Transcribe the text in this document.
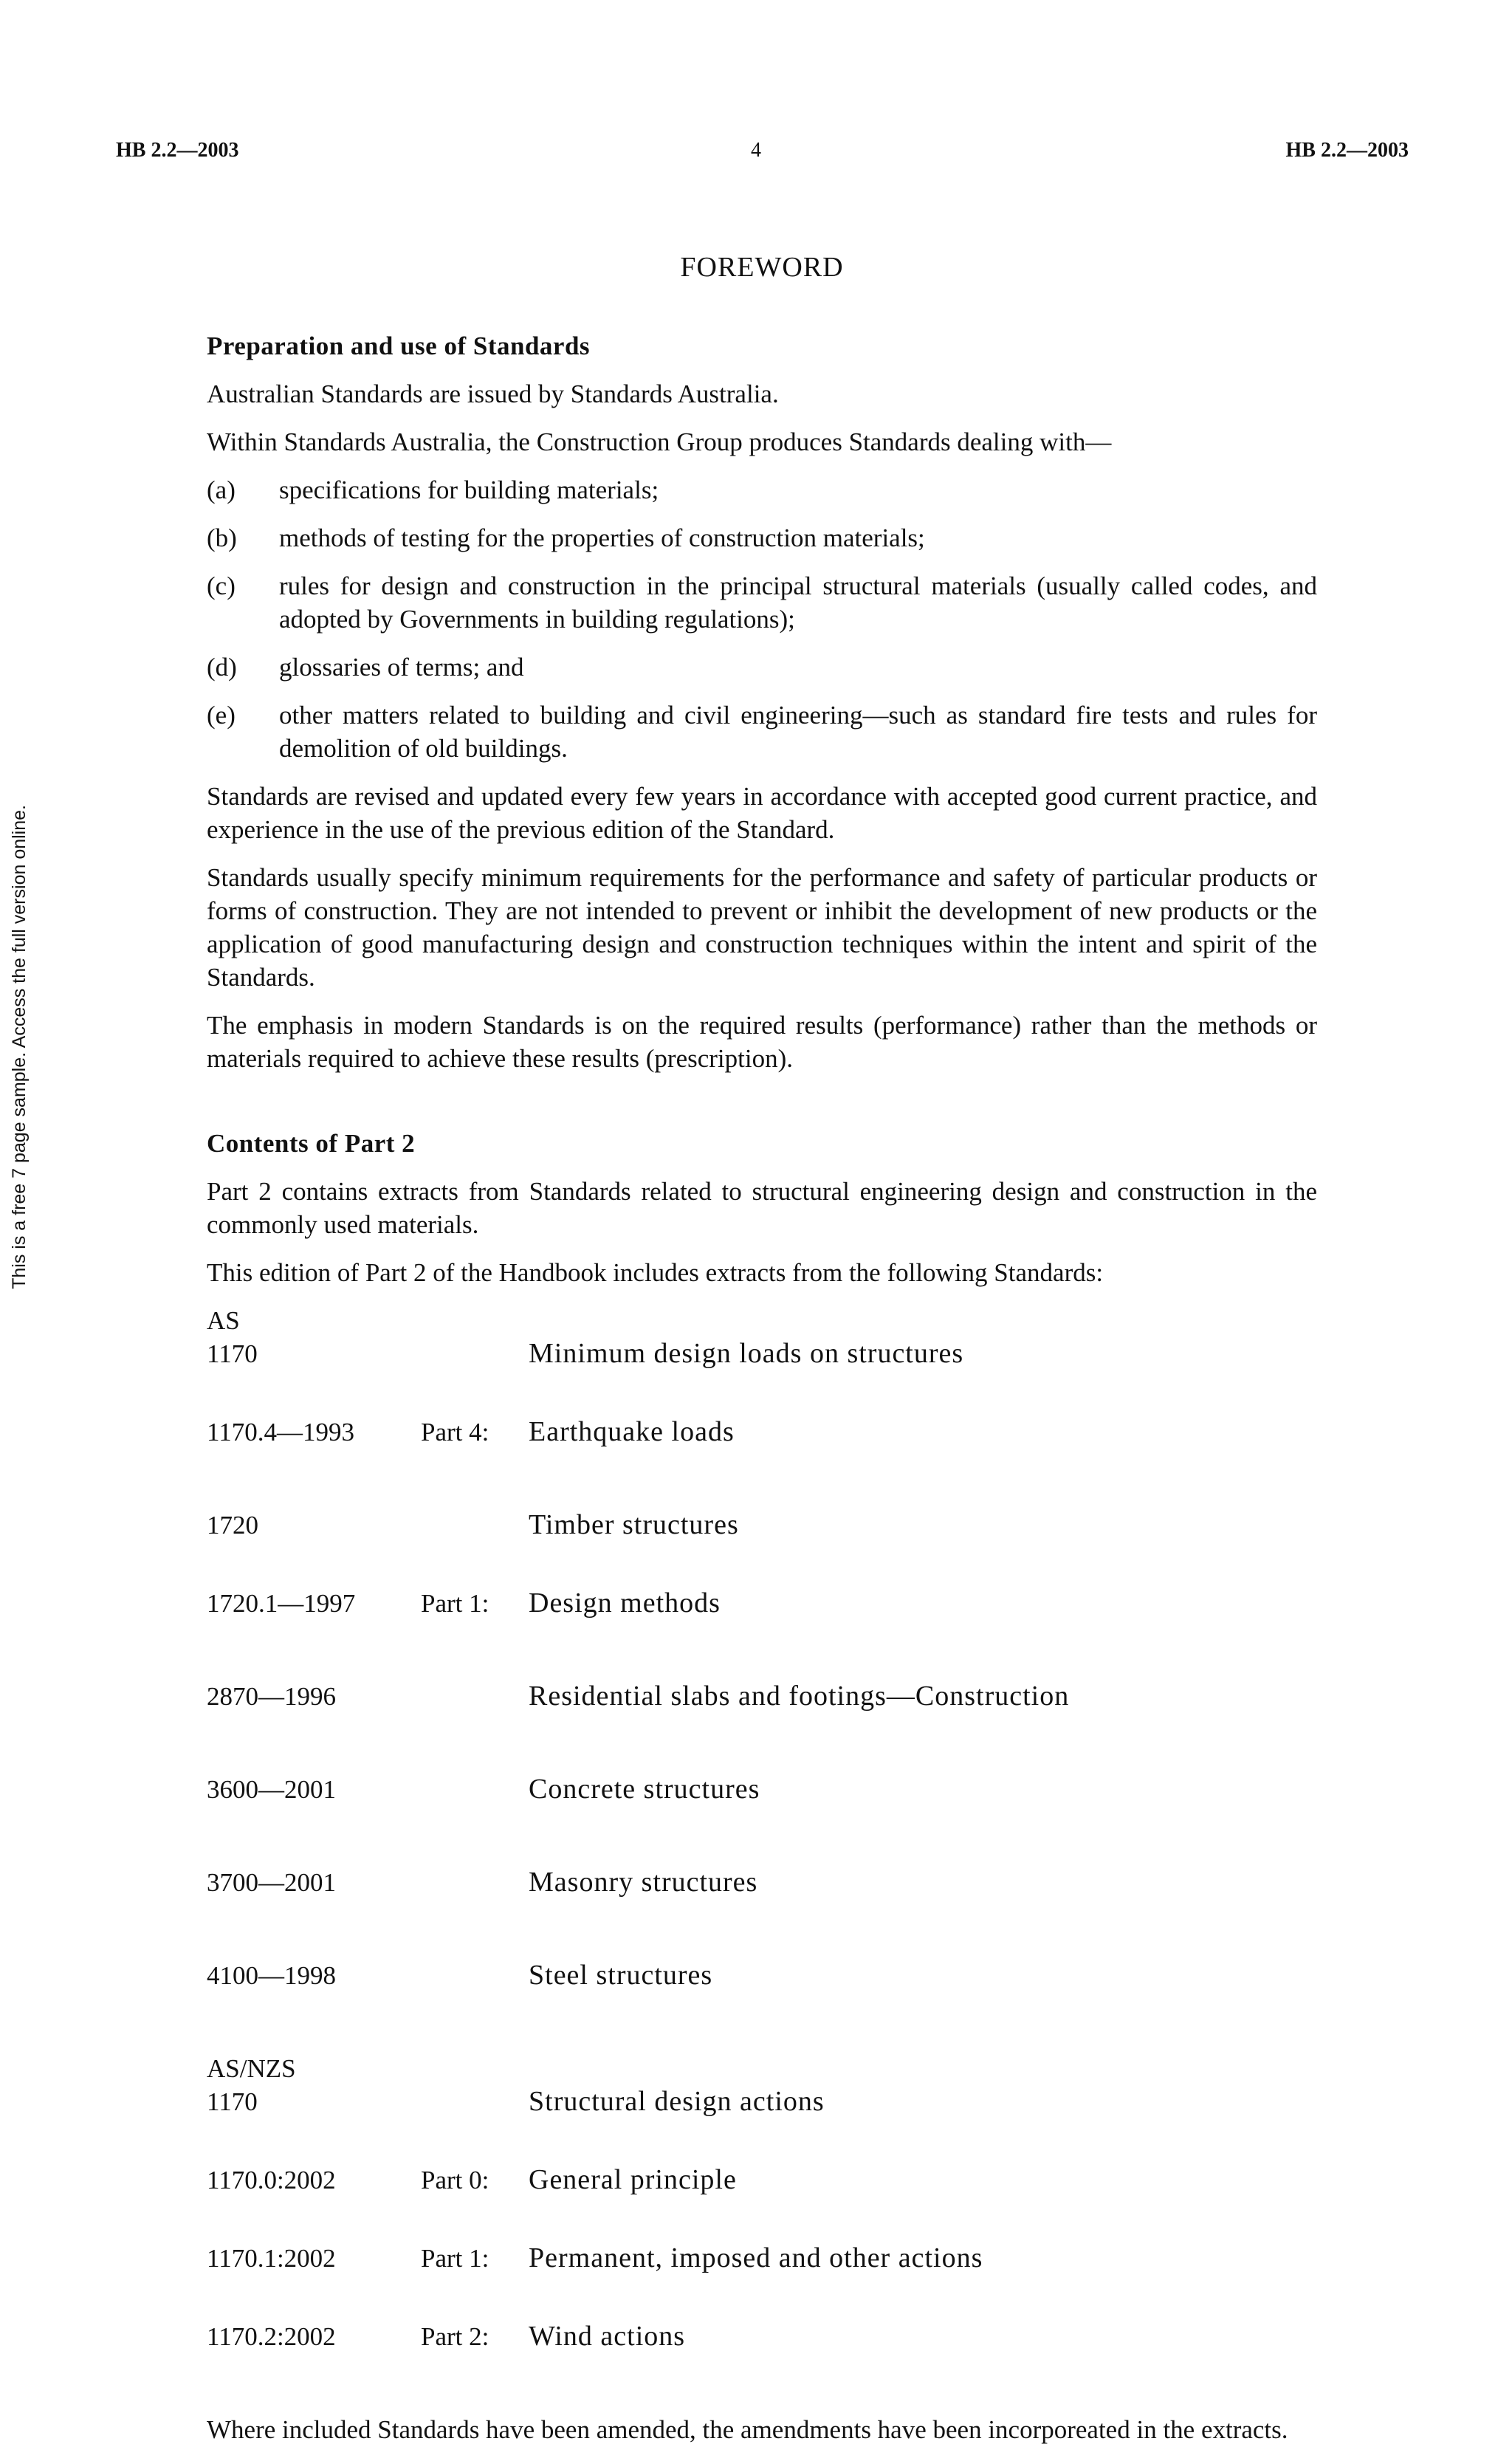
HB 2.2—2003	4	HB 2.2—2003
This is a free 7 page sample. Access the full version online.
FOREWORD
Preparation and use of Standards

Australian Standards are issued by Standards Australia.

Within Standards Australia, the Construction Group produces Standards dealing with—

(a)	specifications for building materials;
(b)	methods of testing for the properties of construction materials;
(c)	rules for design and construction in the principal structural materials (usually called codes, and adopted by Governments in building regulations);
(d)	glossaries of terms; and
(e)	other matters related to building and civil engineering—such as standard fire tests and rules for demolition of old buildings.

Standards are revised and updated every few years in accordance with accepted good current practice, and experience in the use of the previous edition of the Standard.

Standards usually specify minimum requirements for the performance and safety of particular products or forms of construction. They are not intended to prevent or inhibit the development of new products or the application of good manufacturing design and construction techniques within the intent and spirit of the Standards.

The emphasis in modern Standards is on the required results (performance) rather than the methods or materials required to achieve these results (prescription).

Contents of Part 2

Part 2 contains extracts from Standards related to structural engineering design and construction in the commonly used materials.

This edition of Part 2 of the Handbook includes extracts from the following Standards:

AS
1170	Minimum design loads on structures
1170.4—1993	Part 4:	Earthquake loads
1720	Timber structures
1720.1—1997	Part 1:	Design methods
2870—1996	Residential slabs and footings—Construction
3600—2001	Concrete structures
3700—2001	Masonry structures
4100—1998	Steel structures
AS/NZS
1170	Structural design actions
1170.0:2002	Part 0:	General principle
1170.1:2002	Part 1:	Permanent, imposed and other actions
1170.2:2002	Part 2:	Wind actions

Where included Standards have been amended, the amendments have been incorporeated in the extracts.
